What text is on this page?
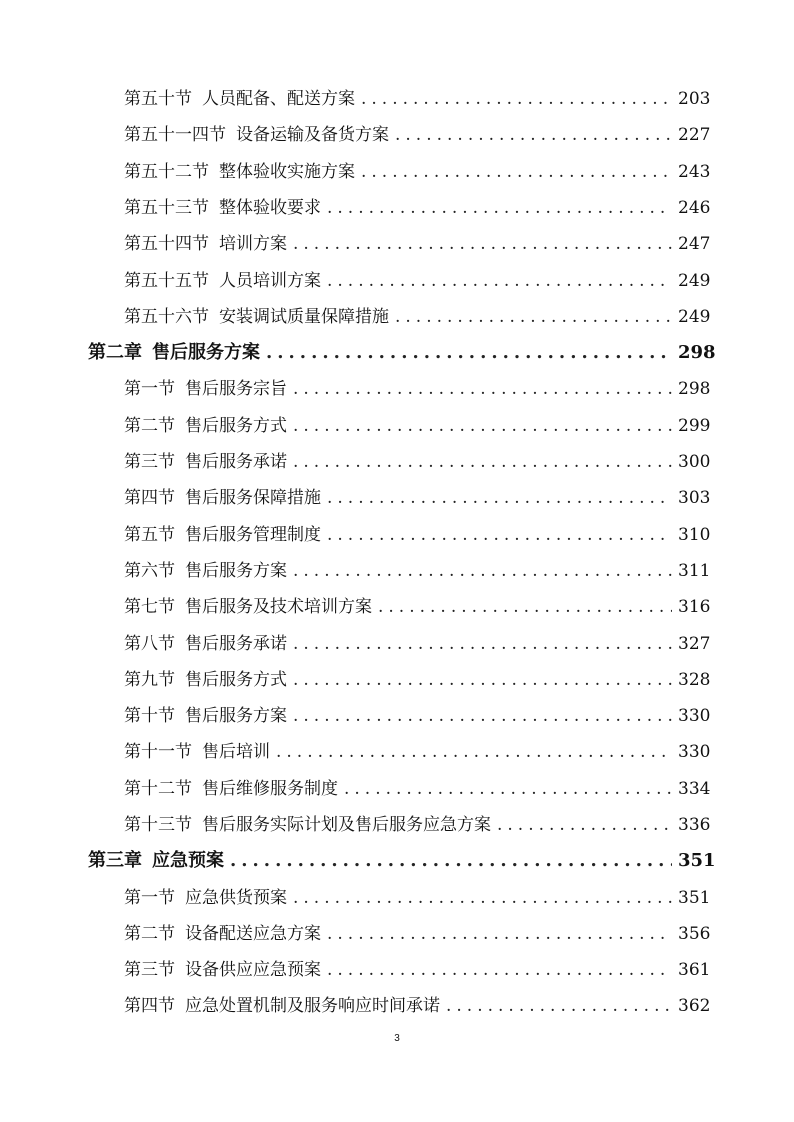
第五十节 人员配备、配送方案 .....	203
第五十一四节 设备运输及备货方案 .....	227
第五十二节 整体验收实施方案 .....	243
第五十三节 整体验收要求 .....	246
第五十四节 培训方案 .....	247
第五十五节 人员培训方案 .....	249
第五十六节 安装调试质量保障措施 .....	249
第二章 售后服务方案 .....	298
第一节 售后服务宗旨 .....	298
第二节 售后服务方式 .....	299
第三节 售后服务承诺 .....	300
第四节 售后服务保障措施 .....	303
第五节 售后服务管理制度 .....	310
第六节 售后服务方案 .....	311
第七节 售后服务及技术培训方案 .....	316
第八节 售后服务承诺 .....	327
第九节 售后服务方式 .....	328
第十节 售后服务方案 .....	330
第十一节 售后培训 .....	330
第十二节 售后维修服务制度 .....	334
第十三节 售后服务实际计划及售后服务应急方案 .....	336
第三章 应急预案 .....	351
第一节 应急供货预案 .....	351
第二节 设备配送应急方案 .....	356
第三节 设备供应应急预案 .....	361
第四节 应急处置机制及服务响应时间承诺 .....	362
3
